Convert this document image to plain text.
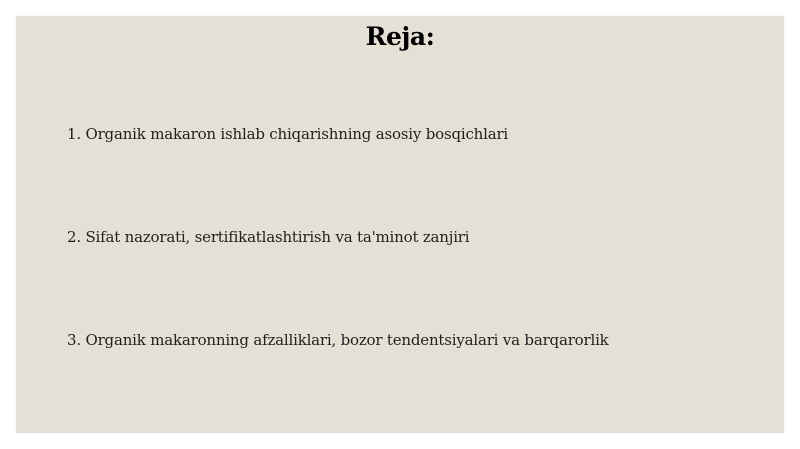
Reja:
1. Organik makaron ishlab chiqarishning asosiy bosqichlari
2. Sifat nazorati, sertifikatlashtirish va ta'minot zanjiri
3. Organik makaronning afzalliklari, bozor tendentsiyalari va barqarorlik
